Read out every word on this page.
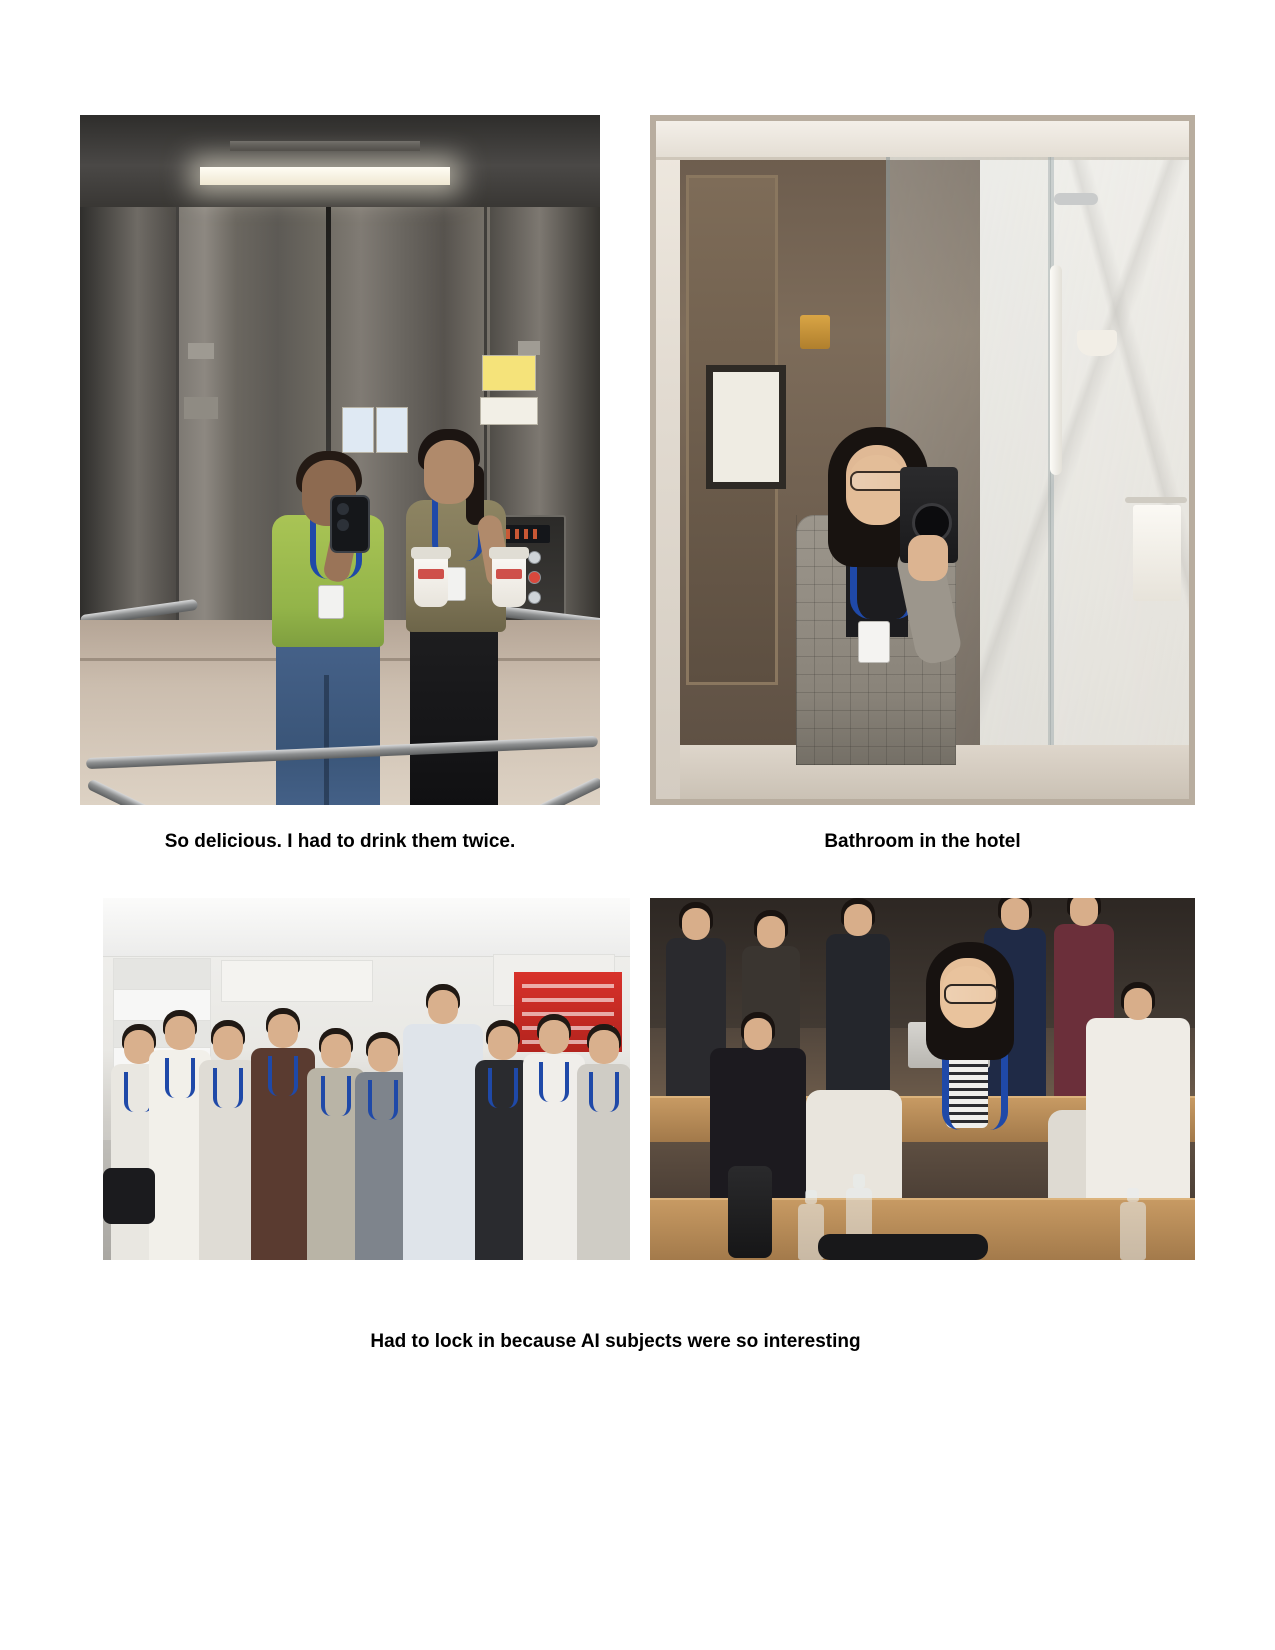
So delicious. I had to drink them twice.	Bathroom in the hotel
Had to lock in because AI subjects were so interesting
